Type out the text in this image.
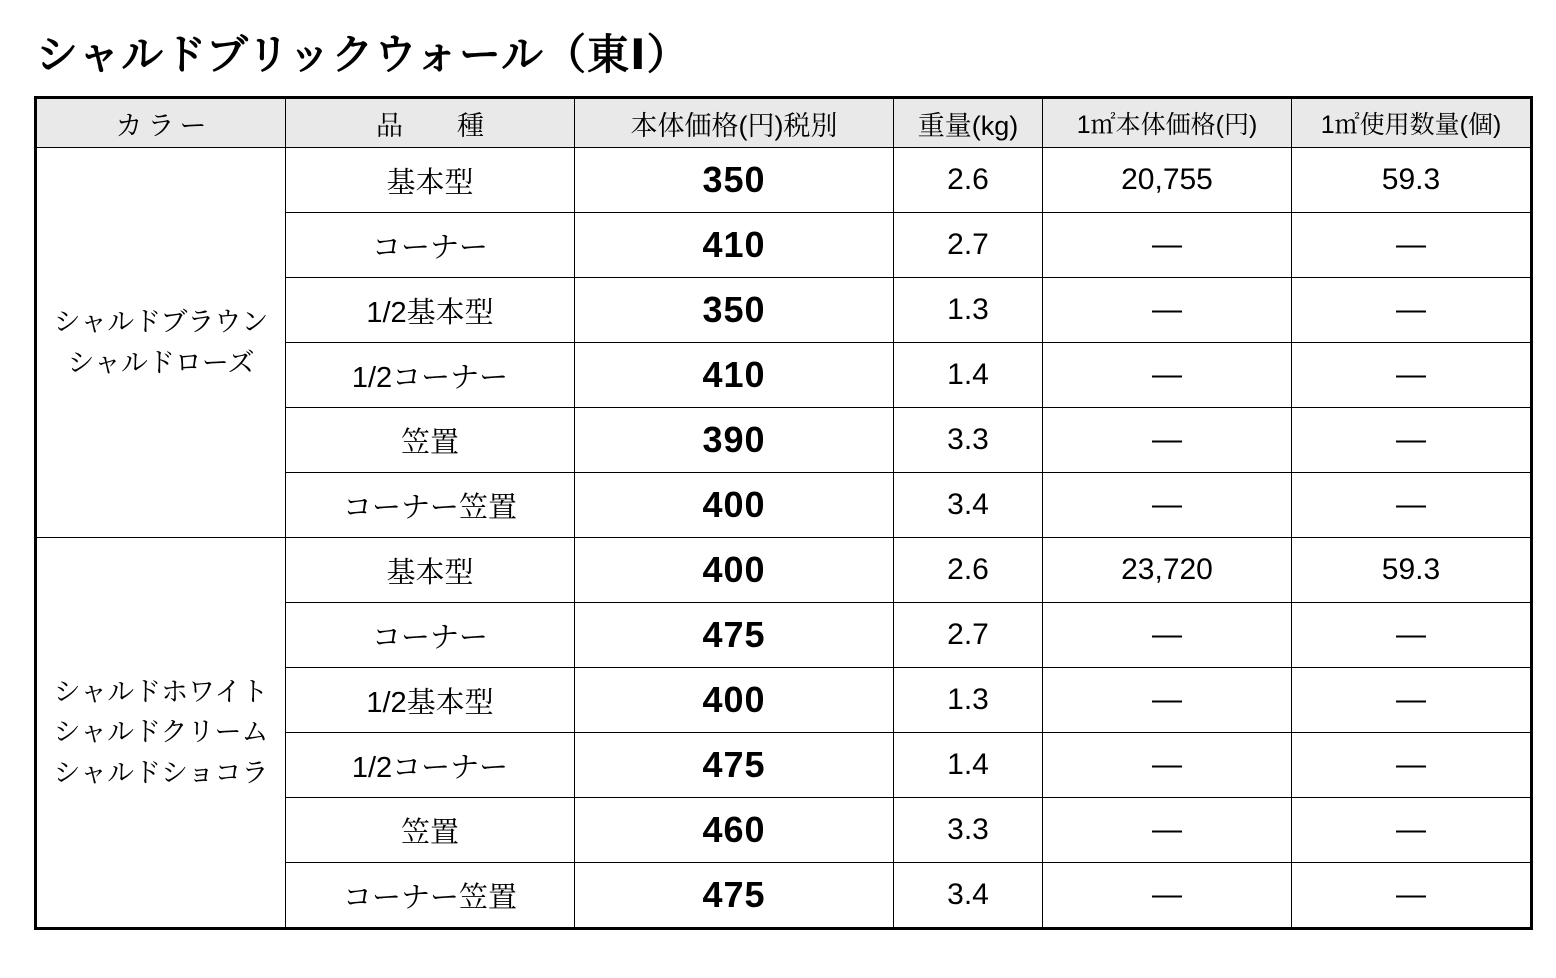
シャルドブリックウォール（東Ⅰ）
カラー	品　　種	本体価格(円)税別	重量(kg)	1㎡本体価格(円)	1㎡使用数量(個)

シャルドブラウン
シャルドローズ	基本型	350	2.6	20,755	59.3
	コーナー	410	2.7	—	—
	1/2基本型	350	1.3	—	—
	1/2コーナー	410	1.4	—	—
	笠置	390	3.3	—	—
	コーナー笠置	400	3.4	—	—

シャルドホワイト
シャルドクリーム
シャルドショコラ	基本型	400	2.6	23,720	59.3
	コーナー	475	2.7	—	—
	1/2基本型	400	1.3	—	—
	1/2コーナー	475	1.4	—	—
	笠置	460	3.3	—	—
	コーナー笠置	475	3.4	—	—
